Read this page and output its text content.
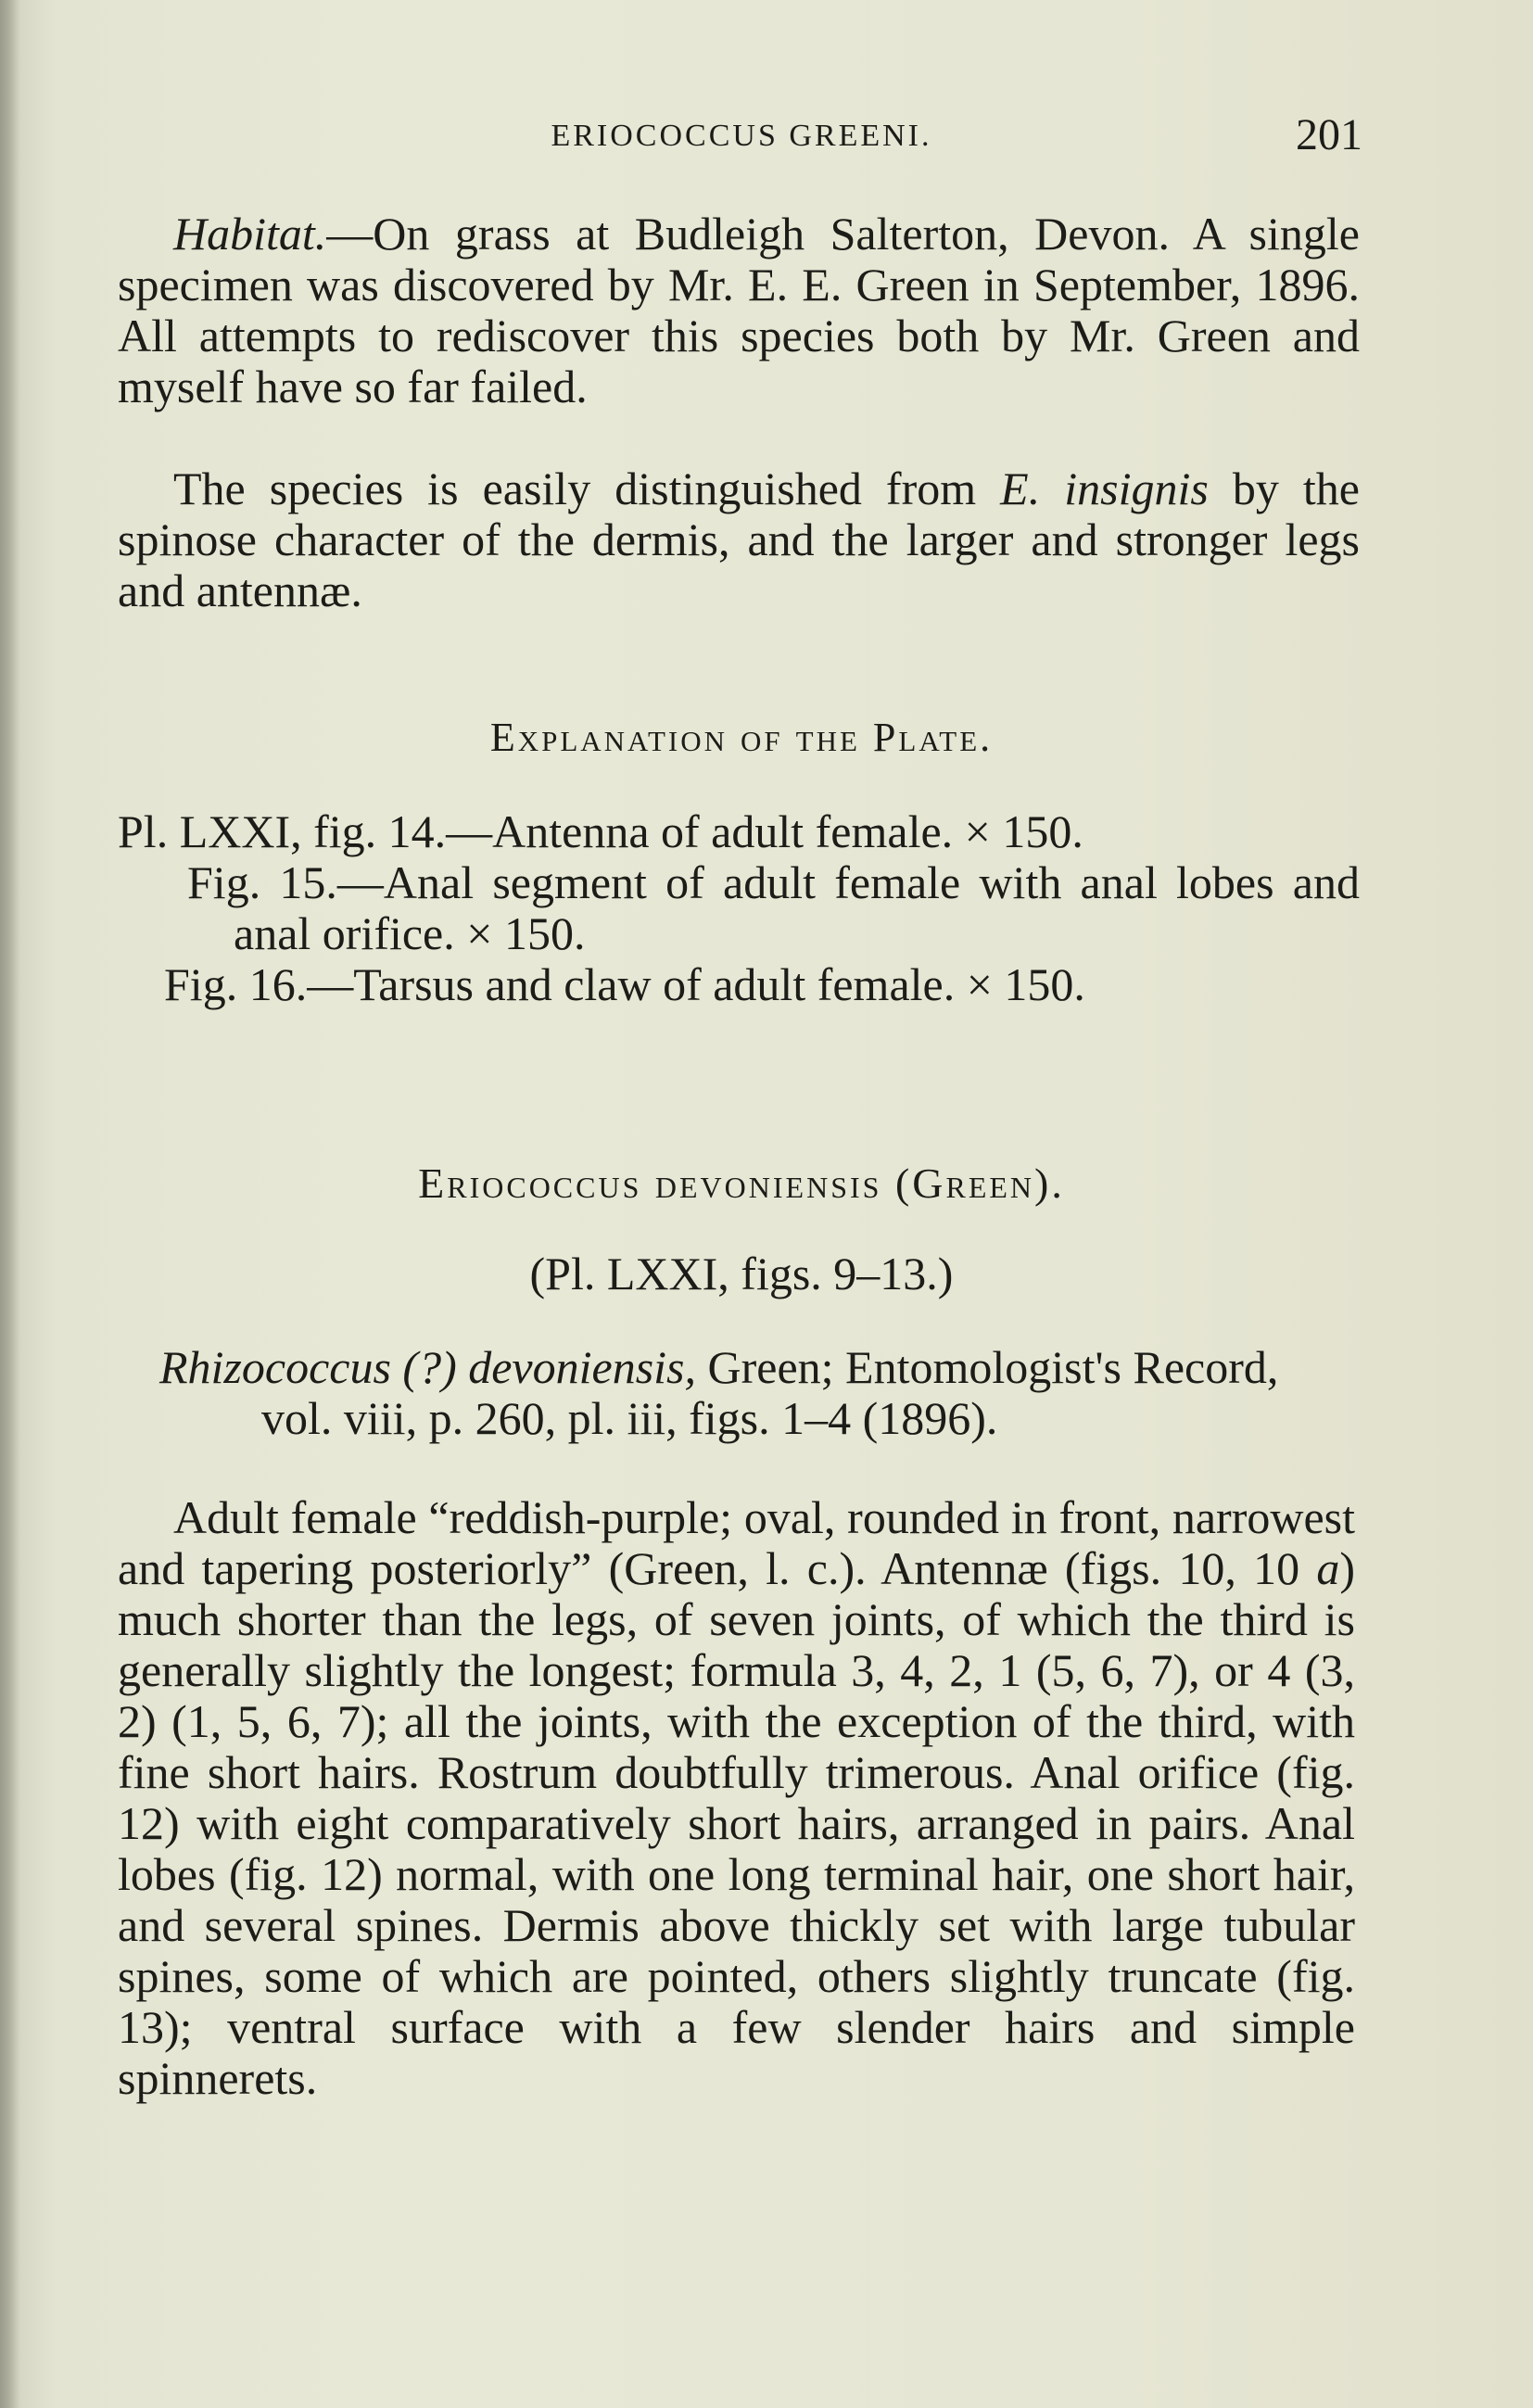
ERIOCOCCUS GREENI.	201

Habitat.—On grass at Budleigh Salterton, Devon. A single specimen was discovered by Mr. E. E. Green in September, 1896. All attempts to rediscover this species both by Mr. Green and myself have so far failed.

The species is easily distinguished from E. insignis by the spinose character of the dermis, and the larger and stronger legs and antennæ.

Explanation of the Plate.

Pl. LXXI, fig. 14.—Antenna of adult female. × 150.

Fig. 15.—Anal segment of adult female with anal lobes and anal orifice. × 150.

Fig. 16.—Tarsus and claw of adult female. × 150.

Eriococcus devoniensis (Green).

(Pl. LXXI, figs. 9–13.)

Rhizococcus (?) devoniensis, Green; Entomologist's Record, vol. viii, p. 260, pl. iii, figs. 1–4 (1896).

Adult female “reddish-purple; oval, rounded in front, narrowest and tapering posteriorly” (Green, l. c.). Antennæ (figs. 10, 10 a) much shorter than the legs, of seven joints, of which the third is generally slightly the longest; formula 3, 4, 2, 1 (5, 6, 7), or 4 (3, 2) (1, 5, 6, 7); all the joints, with the exception of the third, with fine short hairs. Rostrum doubtfully trimerous. Anal orifice (fig. 12) with eight comparatively short hairs, arranged in pairs. Anal lobes (fig. 12) normal, with one long terminal hair, one short hair, and several spines. Dermis above thickly set with large tubular spines, some of which are pointed, others slightly truncate (fig. 13); ventral surface with a few slender hairs and simple spinnerets.
